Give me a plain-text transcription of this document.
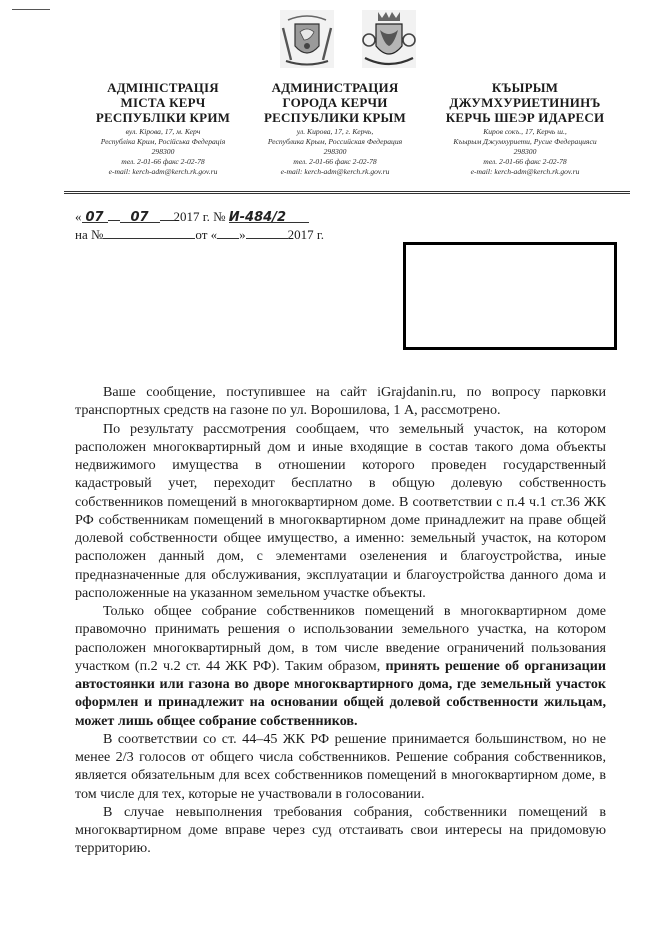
АДМІНІСТРАЦІЯ
МІСТА КЕРЧ
РЕСПУБЛІКИ КРИМ
вул. Кірова, 17, м. Керч
Республіка Крим, Російська Федерація
298300
тел. 2-01-66 факс 2-02-78
e-mail: kerch-adm@kerch.rk.gov.ru
АДМИНИСТРАЦИЯ
ГОРОДА КЕРЧИ
РЕСПУБЛИКИ КРЫМ
ул. Кирова, 17, г. Керчь,
Республика Крым, Российская Федерация
298300
тел. 2-01-66 факс 2-02-78
e-mail: kerch-adm@kerch.rk.gov.ru
КЪЫРЫМ
ДЖУМХУРИЕТИНИНЪ
КЕРЧЬ ШЕЭР ИДАРЕСИ
Киров сокъ., 17, Керчь ш.,
Къырым Джумхуриети, Русие Федерацияси
298300
тел. 2-01-66 факс 2-02-78
e-mail: kerch-adm@kerch.rk.gov.ru
« 07 07 2017 г. № И-484/2
на №	от « »	2017 г.

Ваше сообщение, поступившее на сайт iGrajdanin.ru, по вопросу парковки транспортных средств на газоне по ул. Ворошилова, 1 А, рассмотрено.

По результату рассмотрения сообщаем, что земельный участок, на котором расположен многоквартирный дом и иные входящие в состав такого дома объекты недвижимого имущества в отношении которого проведен государственный кадастровый учет, переходит бесплатно в общую долевую собственность собственников помещений в многоквартирном доме. В соответствии с п.4 ч.1 ст.36 ЖК РФ собственникам помещений в многоквартирном доме принадлежит на праве общей долевой собственности общее имущество, а именно: земельный участок, на котором расположен данный дом, с элементами озеленения и благоустройства, иные предназначенные для обслуживания, эксплуатации и благоустройства данного дома и расположенные на указанном земельном участке объекты.

Только общее собрание собственников помещений в многоквартирном доме правомочно принимать решения о использовании земельного участка, на котором расположен многоквартирный дом, в том числе введение ограничений пользования участком (п.2 ч.2 ст. 44 ЖК РФ). Таким образом, принять решение об организации автостоянки или газона во дворе многоквартирного дома, где земельный участок оформлен и принадлежит на основании общей долевой собственности жильцам, может лишь общее собрание собственников.

В соответствии со ст. 44–45 ЖК РФ решение принимается большинством, но не менее 2/3 голосов от общего числа собственников. Решение собрания собственников, является обязательным для всех собственников помещений в многоквартирном доме, в том числе для тех, которые не участвовали в голосовании.

В случае невыполнения требования собрания, собственники помещений в многоквартирном доме вправе через суд отстаивать свои интересы на придомовую территорию.
